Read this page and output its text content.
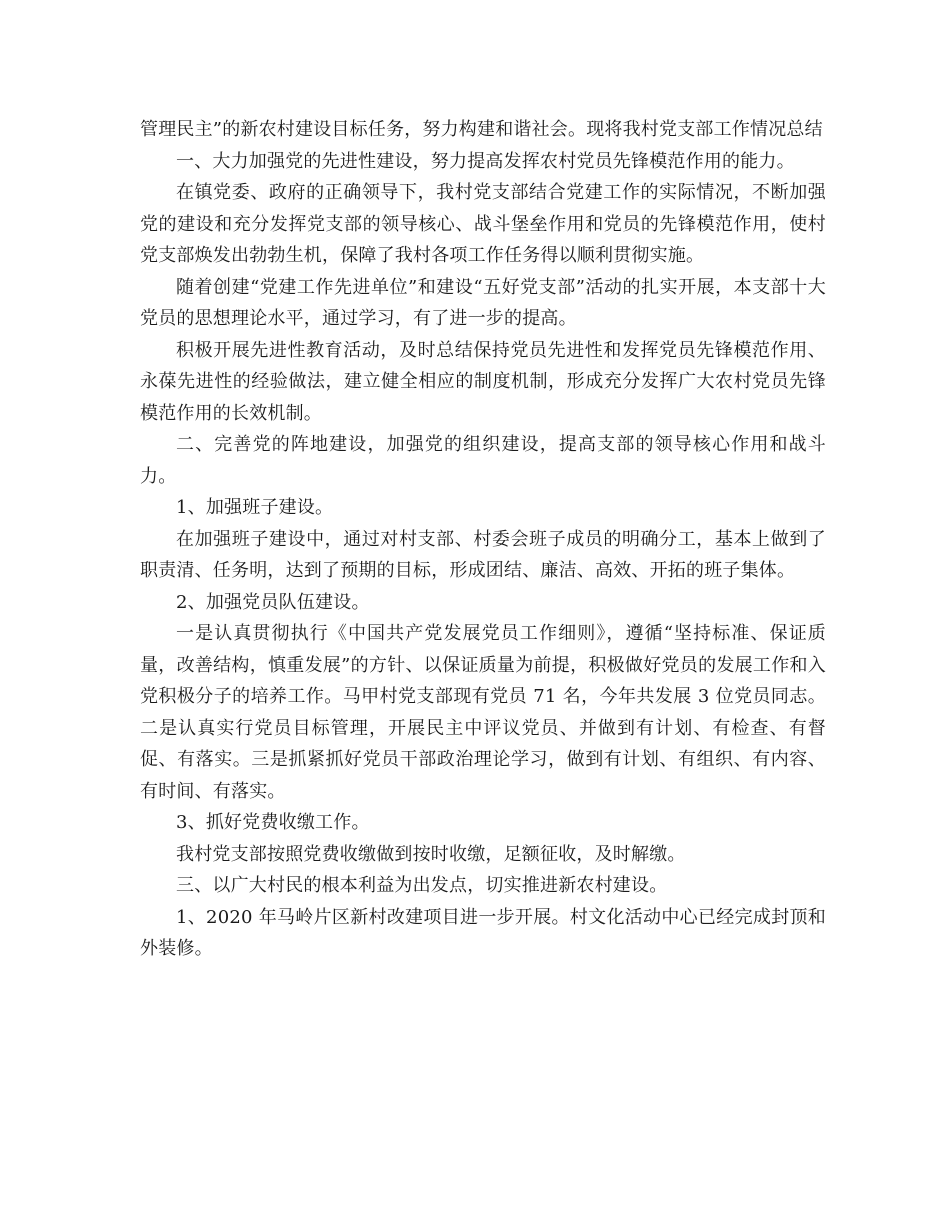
管理民主”的新农村建设目标任务，努力构建和谐社会。现将我村党支部工作情况总结

一、大力加强党的先进性建设，努力提高发挥农村党员先锋模范作用的能力。

在镇党委、政府的正确领导下，我村党支部结合党建工作的实际情况，不断加强党的建设和充分发挥党支部的领导核心、战斗堡垒作用和党员的先锋模范作用，使村党支部焕发出勃勃生机，保障了我村各项工作任务得以顺利贯彻实施。

随着创建“党建工作先进单位”和建设“五好党支部”活动的扎实开展，本支部十大党员的思想理论水平，通过学习，有了进一步的提高。

积极开展先进性教育活动，及时总结保持党员先进性和发挥党员先锋模范作用、永葆先进性的经验做法，建立健全相应的制度机制，形成充分发挥广大农村党员先锋模范作用的长效机制。

二、完善党的阵地建设，加强党的组织建设，提高支部的领导核心作用和战斗力。

1、加强班子建设。

在加强班子建设中，通过对村支部、村委会班子成员的明确分工，基本上做到了职责清、任务明，达到了预期的目标，形成团结、廉洁、高效、开拓的班子集体。

2、加强党员队伍建设。

一是认真贯彻执行《中国共产党发展党员工作细则》，遵循“坚持标准、保证质量，改善结构，慎重发展”的方针、以保证质量为前提，积极做好党员的发展工作和入党积极分子的培养工作。马甲村党支部现有党员 71 名，今年共发展 3 位党员同志。二是认真实行党员目标管理，开展民主中评议党员、并做到有计划、有检查、有督促、有落实。三是抓紧抓好党员干部政治理论学习，做到有计划、有组织、有内容、有时间、有落实。

3、抓好党费收缴工作。

我村党支部按照党费收缴做到按时收缴，足额征收，及时解缴。

三、以广大村民的根本利益为出发点，切实推进新农村建设。

1、2020 年马岭片区新村改建项目进一步开展。村文化活动中心已经完成封顶和外装修。
